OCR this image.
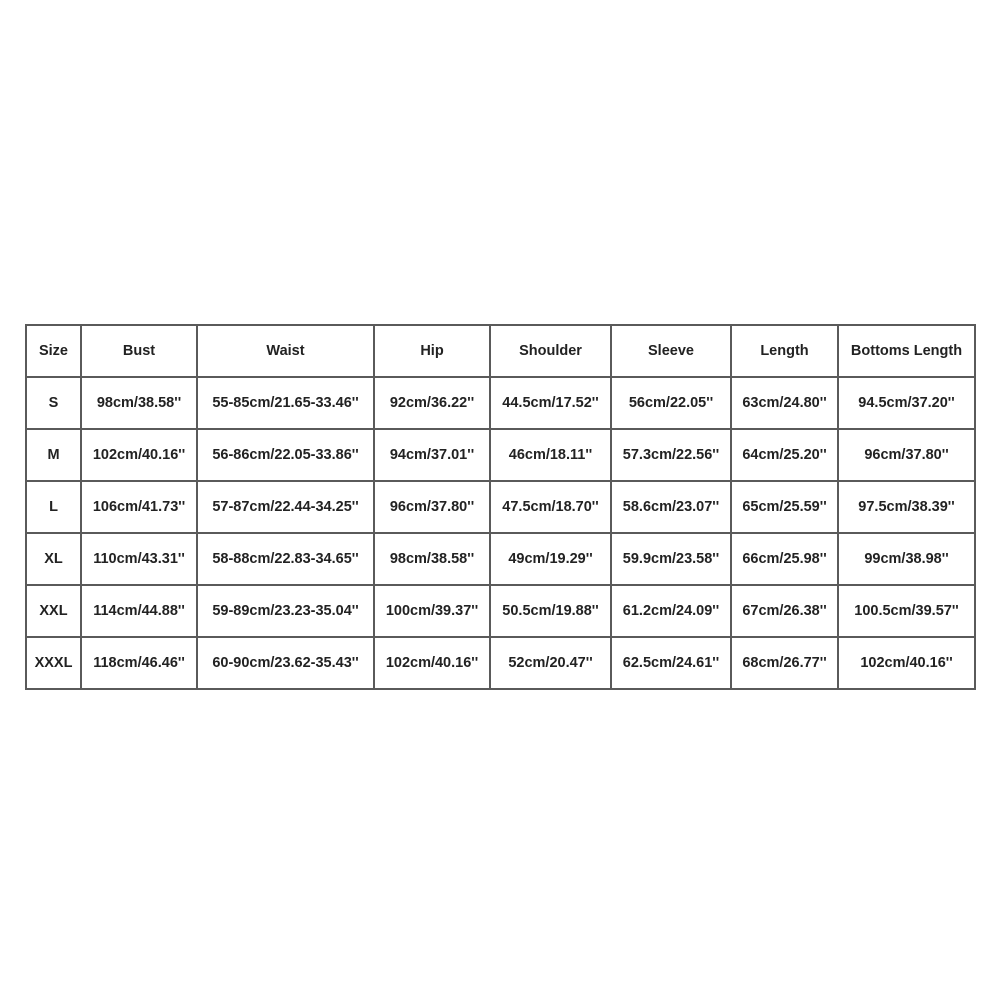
Size	Bust	Waist	Hip	Shoulder	Sleeve	Length	Bottoms Length
S	98cm/38.58''	55-85cm/21.65-33.46''	92cm/36.22''	44.5cm/17.52''	56cm/22.05''	63cm/24.80''	94.5cm/37.20''
M	102cm/40.16''	56-86cm/22.05-33.86''	94cm/37.01''	46cm/18.11''	57.3cm/22.56''	64cm/25.20''	96cm/37.80''
L	106cm/41.73''	57-87cm/22.44-34.25''	96cm/37.80''	47.5cm/18.70''	58.6cm/23.07''	65cm/25.59''	97.5cm/38.39''
XL	110cm/43.31''	58-88cm/22.83-34.65''	98cm/38.58''	49cm/19.29''	59.9cm/23.58''	66cm/25.98''	99cm/38.98''
XXL	114cm/44.88''	59-89cm/23.23-35.04''	100cm/39.37''	50.5cm/19.88''	61.2cm/24.09''	67cm/26.38''	100.5cm/39.57''
XXXL	118cm/46.46''	60-90cm/23.62-35.43''	102cm/40.16''	52cm/20.47''	62.5cm/24.61''	68cm/26.77''	102cm/40.16''
